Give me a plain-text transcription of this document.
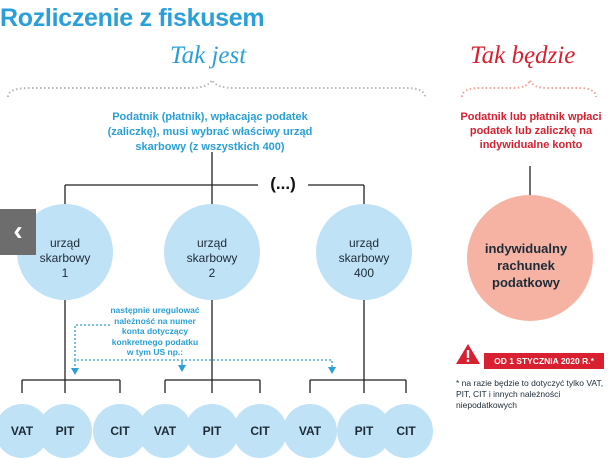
Rozliczenie z fiskusem
Tak jest	Tak będzie
Podatnik (płatnik), wpłacając podatek (zaliczkę), musi wybrać właściwy urząd skarbowy (z wszystkich 400)
Podatnik lub płatnik wpłaci podatek lub zaliczkę na indywidualne konto
(...)
urząd
skarbowy
1
urząd
skarbowy
2
urząd
skarbowy
400
następnie uregulować należność na numer konta dotyczący konkretnego podatku w tym US np.:
VAT	PIT	CIT	VAT	PIT	CIT	VAT	PIT	CIT
indywidualny rachunek podatkowy
OD 1 STYCZNIA 2020 R.*
* na razie będzie to dotyczyć tylko VAT, PIT, CIT i innych należności niepodatkowych
‹
